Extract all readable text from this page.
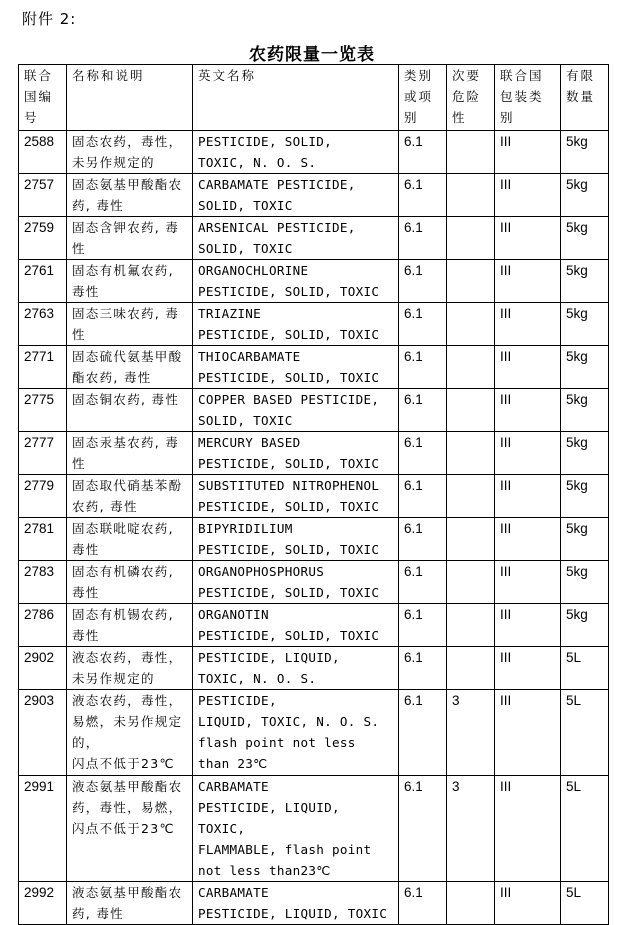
附件 2:
农药限量一览表
联合国编号	名称和说明	英文名称	类别或项别	次要危险性	联合国包装类别	有限数量
2588	固态农药，毒性，未另作规定的	PESTICIDE, SOLID,
TOXIC, N. O. S.	6.1		III	5kg
2757	固态氨基甲酸酯农药, 毒性	CARBAMATE PESTICIDE,
SOLID, TOXIC	6.1		III	5kg
2759	固态含钾农药, 毒性	ARSENICAL PESTICIDE,
SOLID, TOXIC	6.1		III	5kg
2761	固态有机氟农药, 毒性	ORGANOCHLORINE
PESTICIDE, SOLID, TOXIC	6.1		III	5kg
2763	固态三味农药, 毒性	TRIAZINE
PESTICIDE, SOLID, TOXIC	6.1		III	5kg
2771	固态硫代氨基甲酸酯农药, 毒性	THIOCARBAMATE
PESTICIDE, SOLID, TOXIC	6.1		III	5kg
2775	固态铜农药, 毒性	COPPER BASED PESTICIDE,
SOLID, TOXIC	6.1		III	5kg
2777	固态汞基农药, 毒性	MERCURY BASED
PESTICIDE, SOLID, TOXIC	6.1		III	5kg
2779	固态取代硝基苯酚农药, 毒性	SUBSTITUTED NITROPHENOL
PESTICIDE, SOLID, TOXIC	6.1		III	5kg
2781	固态联吡啶农药, 毒性	BIPYRIDILIUM
PESTICIDE, SOLID, TOXIC	6.1		III	5kg
2783	固态有机磷农药, 毒性	ORGANOPHOSPHORUS
PESTICIDE, SOLID, TOXIC	6.1		III	5kg
2786	固态有机锡农药, 毒性	ORGANOTIN
PESTICIDE, SOLID, TOXIC	6.1		III	5kg
2902	液态农药，毒性，未另作规定的	PESTICIDE, LIQUID,
TOXIC, N. O. S.	6.1		III	5L
2903	液态农药，毒性，易燃，未另作规定的，
闪点不低于23℃	PESTICIDE,
LIQUID, TOXIC, N. O. S.
flash point not less than 23℃	6.1	3	III	5L
2991	液态氨基甲酸酯农药，毒性，易燃，闪点不低于23℃	CARBAMATE
PESTICIDE, LIQUID, TOXIC,
FLAMMABLE, flash point
not less than23℃	6.1	3	III	5L
2992	液态氨基甲酸酯农药, 毒性	CARBAMATE
PESTICIDE, LIQUID, TOXIC	6.1		III	5L
